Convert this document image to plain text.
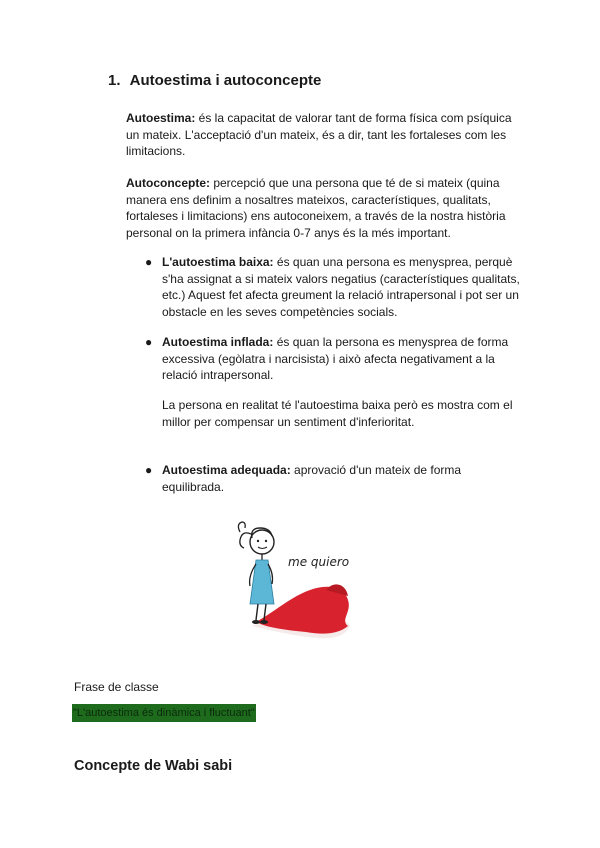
1. Autoestima i autoconcepte
Autoestima: és la capacitat de valorar tant de forma física com psíquica
un mateix. L'acceptació d'un mateix, és a dir, tant les fortaleses com les
limitacions.
Autoconcepte: percepció que una persona que té de si mateix (quina
manera ens definim a nosaltres mateixos, característiques, qualitats,
fortaleses i limitacions) ens autoconeixem, a través de la nostra història
personal on la primera infància 0-7 anys és la més important.
● L'autoestima baixa: és quan una persona es menysprea, perquè
s'ha assignat a si mateix valors negatius (característiques qualitats,
etc.) Aquest fet afecta greument la relació intrapersonal i pot ser un
obstacle en les seves competències socials.
● Autoestima inflada: és quan la persona es menysprea de forma
excessiva (egòlatra i narcisista) i això afecta negativament a la
relació intrapersonal.
La persona en realitat té l'autoestima baixa però es mostra com el
millor per compensar un sentiment d'inferioritat.
● Autoestima adequada: aprovació d'un mateix de forma
equilibrada.
me quiero
Frase de classe
"L'autoestima és dinàmica i fluctuant"
Concepte de Wabi sabi
